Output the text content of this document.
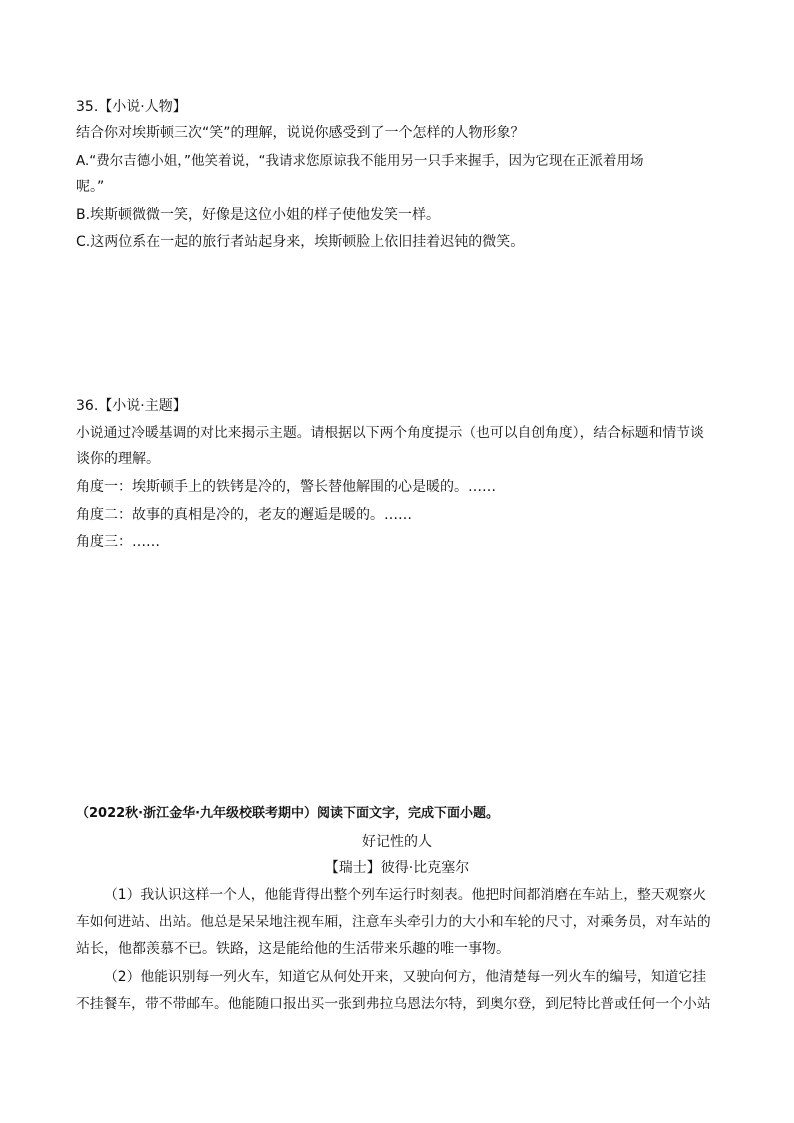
35.【小说·人物】
结合你对埃斯顿三次“笑”的理解，说说你感受到了一个怎样的人物形象？
A.“费尔吉德小姐，”他笑着说，“我请求您原谅我不能用另一只手来握手，因为它现在正派着用场
呢。”
B.埃斯顿微微一笑，好像是这位小姐的样子使他发笑一样。
C.这两位系在一起的旅行者站起身来，埃斯顿脸上依旧挂着迟钝的微笑。
36.【小说·主题】
小说通过冷暖基调的对比来揭示主题。请根据以下两个角度提示（也可以自创角度），结合标题和情节谈
谈你的理解。
角度一：埃斯顿手上的铁铐是冷的，警长替他解围的心是暖的。……
角度二：故事的真相是冷的，老友的邂逅是暖的。……
角度三：……
（2022秋·浙江金华·九年级校联考期中）阅读下面文字，完成下面小题。
好记性的人
【瑞士】彼得·比克塞尔
（1）我认识这样一个人，他能背得出整个列车运行时刻表。他把时间都消磨在车站上，整天观察火
车如何进站、出站。他总是呆呆地注视车厢，注意车头牵引力的大小和车轮的尺寸，对乘务员，对车站的
站长，他都羡慕不已。铁路，这是能给他的生活带来乐趣的唯一事物。
（2）他能识别每一列火车，知道它从何处开来，又驶向何方，他清楚每一列火车的编号，知道它挂
不挂餐车，带不带邮车。他能随口报出买一张到弗拉乌恩法尔特，到奥尔登，到尼特比普或任何一个小站
